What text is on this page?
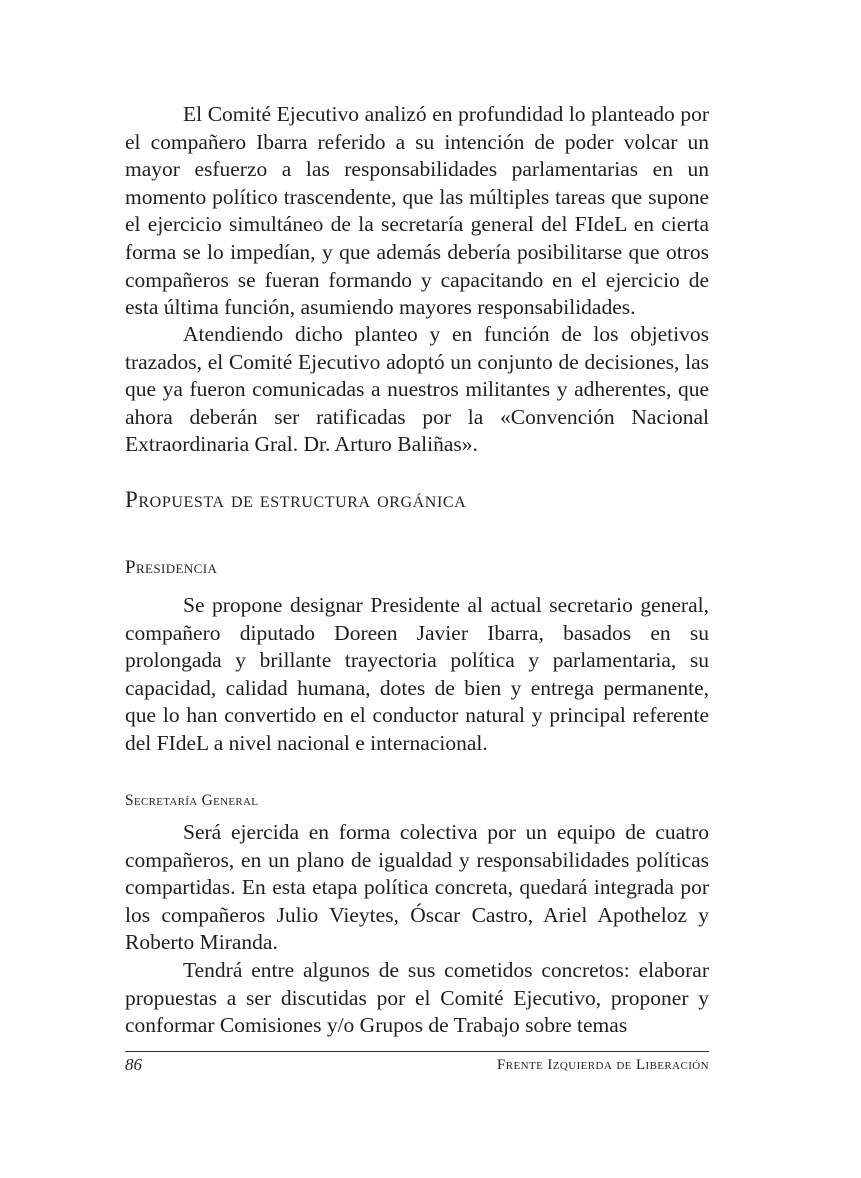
El Comité Ejecutivo analizó en profundidad lo planteado por el compañero Ibarra referido a su intención de poder volcar un mayor esfuerzo a las responsabilidades parlamentarias en un momento político trascendente, que las múltiples tareas que supone el ejercicio simultáneo de la secretaría general del FIdeL en cierta forma se lo impedían, y que además debería posibilitarse que otros compañeros se fueran formando y capacitando en el ejercicio de esta última función, asumiendo mayores responsabilidades.

Atendiendo dicho planteo y en función de los objetivos trazados, el Comité Ejecutivo adoptó un conjunto de decisiones, las que ya fueron comunicadas a nuestros militantes y adherentes, que ahora deberán ser ratificadas por la «Convención Nacional Extraordinaria Gral. Dr. Arturo Baliñas».

Propuesta de estructura orgánica
Presidencia

Se propone designar Presidente al actual secretario general, compañero diputado Doreen Javier Ibarra, basados en su prolongada y brillante trayectoria política y parlamentaria, su capacidad, calidad humana, dotes de bien y entrega permanente, que lo han convertido en el conductor natural y principal referente del FIdeL a nivel nacional e internacional.

Secretaría General

Será ejercida en forma colectiva por un equipo de cuatro compañeros, en un plano de igualdad y responsabilidades políticas compartidas. En esta etapa política concreta, quedará integrada por los compañeros Julio Vieytes, Óscar Castro, Ariel Apotheloz y Roberto Miranda.

Tendrá entre algunos de sus cometidos concretos: elaborar propuestas a ser discutidas por el Comité Ejecutivo, proponer y conformar Comisiones y/o Grupos de Trabajo sobre temas

86	Frente Izquierda de Liberación
